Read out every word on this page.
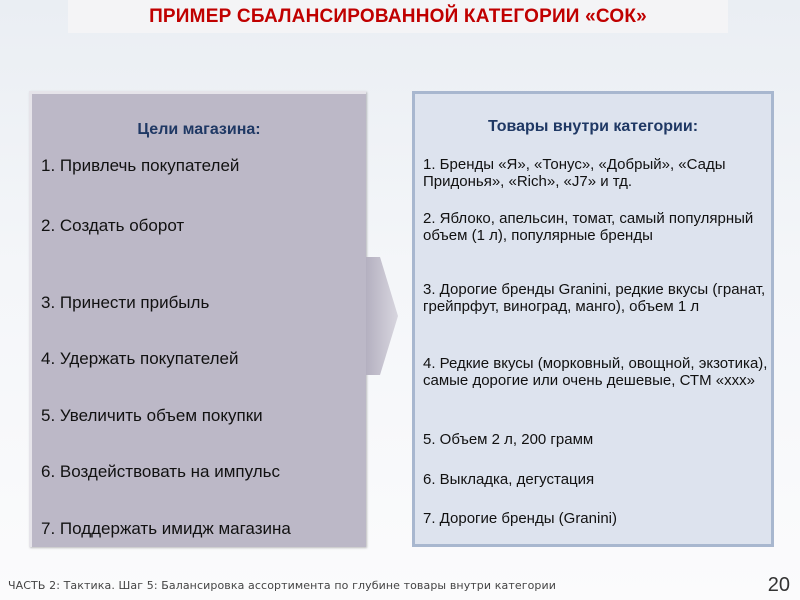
ПРИМЕР СБАЛАНСИРОВАННОЙ КАТЕГОРИИ «СОК»
Цели магазина:
1. Привлечь покупателей
2. Создать оборот
3. Принести прибыль
4. Удержать покупателей
5. Увеличить объем покупки
6. Воздействовать на импульс
7. Поддержать имидж магазина
Товары внутри категории:
1. Бренды «Я», «Тонус», «Добрый», «Сады Придонья», «Rich», «J7» и тд.
2. Яблоко, апельсин, томат, самый популярный объем (1 л), популярные бренды
3. Дорогие бренды Granini, редкие вкусы (гранат, грейпрфут, виноград, манго), объем 1 л
4. Редкие вкусы (морковный, овощной, экзотика), самые дорогие или очень дешевые, СТМ «ххх»
5. Объем 2 л, 200 грамм
6. Выкладка, дегустация
7. Дорогие бренды (Granini)
ЧАСТЬ 2: Тактика. Шаг 5: Балансировка ассортимента по глубине товары внутри категории	20
